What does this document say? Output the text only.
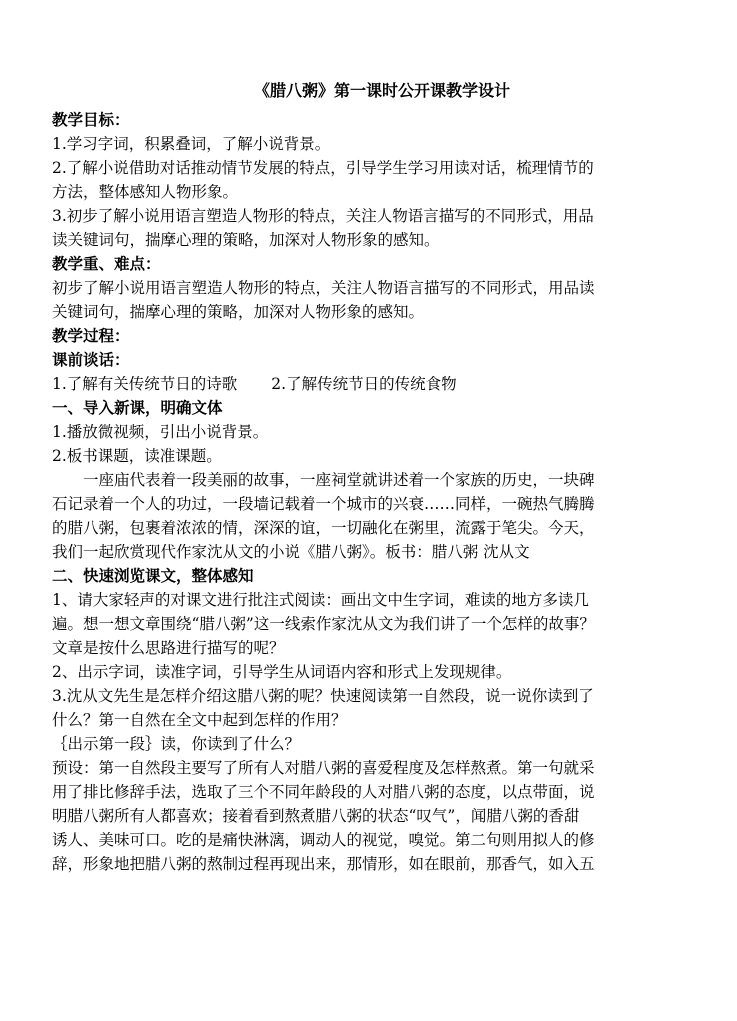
《腊八粥》第一课时公开课教学设计
教学目标：
1.学习字词，积累叠词，了解小说背景。
2.了解小说借助对话推动情节发展的特点，引导学生学习用读对话，梳理情节的
方法，整体感知人物形象。
3.初步了解小说用语言塑造人物形的特点，关注人物语言描写的不同形式，用品
读关键词句，揣摩心理的策略，加深对人物形象的感知。
教学重、难点：
初步了解小说用语言塑造人物形的特点，关注人物语言描写的不同形式，用品读
关键词句，揣摩心理的策略，加深对人物形象的感知。
教学过程：
课前谈话：
1.了解有关传统节日的诗歌 2.了解传统节日的传统食物
一、导入新课，明确文体
1.播放微视频，引出小说背景。
2.板书课题，读准课题。
　　一座庙代表着一段美丽的故事，一座祠堂就讲述着一个家族的历史，一块碑
石记录着一个人的功过，一段墙记载着一个城市的兴衰……同样，一碗热气腾腾
的腊八粥，包裹着浓浓的情，深深的谊，一切融化在粥里，流露于笔尖。今天，
我们一起欣赏现代作家沈从文的小说《腊八粥》。板书：腊八粥 沈从文
二、快速浏览课文，整体感知
1、请大家轻声的对课文进行批注式阅读：画出文中生字词，难读的地方多读几
遍。想一想文章围绕“腊八粥”这一线索作家沈从文为我们讲了一个怎样的故事？
文章是按什么思路进行描写的呢？
2、出示字词，读准字词，引导学生从词语内容和形式上发现规律。
3.沈从文先生是怎样介绍这腊八粥的呢？快速阅读第一自然段，说一说你读到了
什么？第一自然在全文中起到怎样的作用？
｛出示第一段｝读，你读到了什么？
预设：第一自然段主要写了所有人对腊八粥的喜爱程度及怎样熬煮。第一句就采
用了排比修辞手法，选取了三个不同年龄段的人对腊八粥的态度，以点带面，说
明腊八粥所有人都喜欢；接着看到熬煮腊八粥的状态“叹气”，闻腊八粥的香甜
诱人、美味可口。吃的是痛快淋漓，调动人的视觉，嗅觉。第二句则用拟人的修
辞，形象地把腊八粥的熬制过程再现出来，那情形，如在眼前，那香气，如入五
